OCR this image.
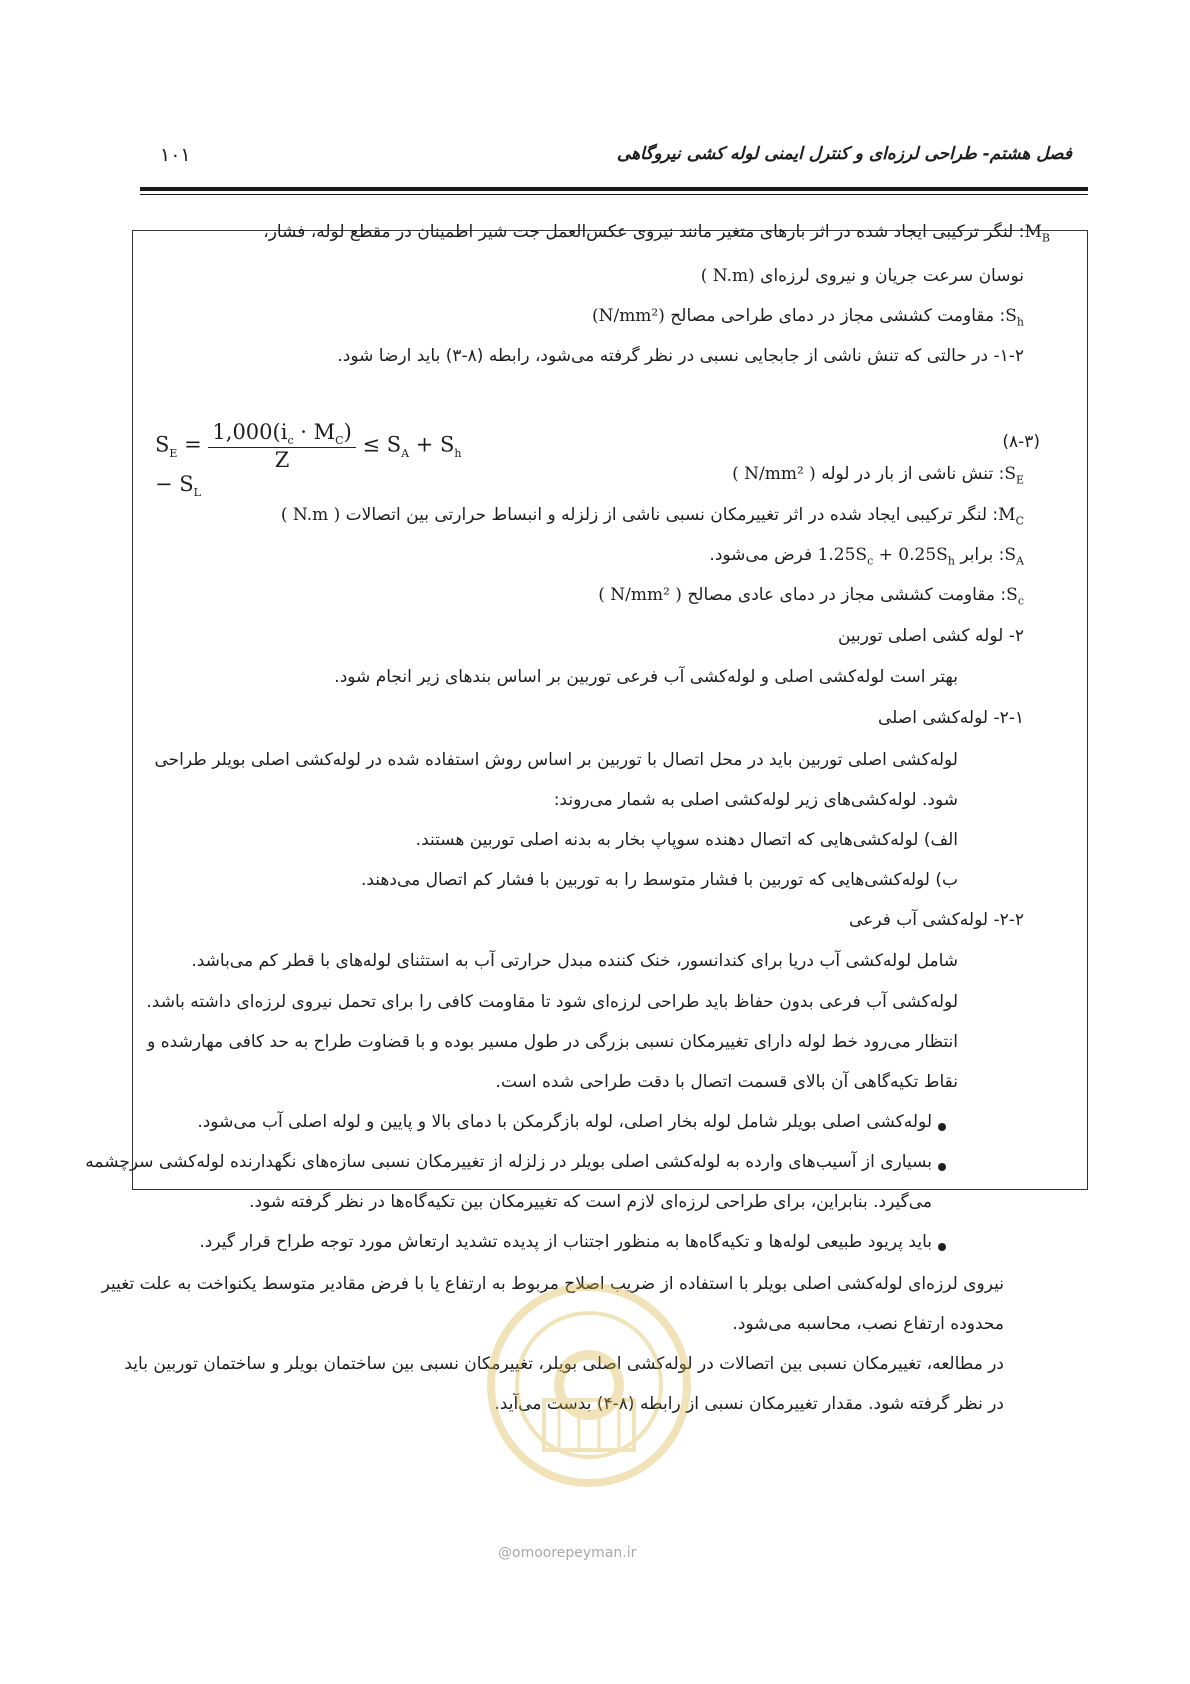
۱۰۱	فصل هشتم- طراحی لرزه‌ای و کنترل ایمنی لوله کشی نیروگاهی
$M_B$: لنگر ترکیبی ایجاد شده در اثر بارهای متغیر مانند نیروی عکس‌العمل جت شیر اطمینان در مقطع لوله، فشار،
نوسان سرعت جریان و نیروی لرزه‌ای ( N.m)
$S_h$: مقاومت کششی مجاز در دمای طراحی مصالح (N/mm²)
۱-۲- در حالتی که تنش ناشی از جابجایی نسبی در نظر گرفته می‌شود، رابطه (۸-۳) باید ارضا شود.
$S_E = \frac{1,000(i_c \cdot M_C)}{Z} \le S_A + S_h - S_L$
(۸-۳)
$S_E$: تنش ناشی از بار در لوله ( N/mm² )
$M_C$: لنگر ترکیبی ایجاد شده در اثر تغییرمکان نسبی ناشی از زلزله و انبساط حرارتی بین اتصالات ( N.m )
$S_A$: برابر $1.25S_c + 0.25S_h$ فرض می‌شود.
$S_c$: مقاومت کششی مجاز در دمای عادی مصالح ( N/mm² )
۲- لوله کشی اصلی توربین
بهتر است لوله‌کشی اصلی و لوله‌کشی آب فرعی توربین بر اساس بندهای زیر انجام شود.
۲-۱- لوله‌کشی اصلی
لوله‌کشی اصلی توربین باید در محل اتصال با توربین بر اساس روش استفاده شده در لوله‌کشی اصلی بویلر طراحی
شود. لوله‌کشی‌های زیر لوله‌کشی اصلی به شمار می‌روند:
الف) لوله‌کشی‌هایی که اتصال دهنده سوپاپ بخار به بدنه اصلی توربین هستند.
ب) لوله‌کشی‌هایی که توربین با فشار متوسط را به توربین با فشار کم اتصال می‌دهند.
۲-۲- لوله‌کشی آب فرعی
شامل لوله‌کشی آب دریا برای کندانسور، خنک کننده مبدل حرارتی آب به استثنای لوله‌های با قطر کم می‌باشد.
لوله‌کشی آب فرعی بدون حفاظ باید طراحی لرزه‌ای شود تا مقاومت کافی را برای تحمل نیروی لرزه‌ای داشته باشد.
انتظار می‌رود خط لوله دارای تغییرمکان نسبی بزرگی در طول مسیر بوده و با قضاوت طراح به حد کافی مهارشده و
نقاط تکیه‌گاهی آن بالای قسمت اتصال با دقت طراحی شده است.
لوله‌کشی اصلی بویلر شامل لوله بخار اصلی، لوله بازگرمکن با دمای بالا و پایین و لوله اصلی آب می‌شود.
بسیاری از آسیب‌های وارده به لوله‌کشی اصلی بویلر در زلزله از تغییرمکان نسبی سازه‌های نگهدارنده لوله‌کشی سرچشمه
می‌گیرد. بنابراین، برای طراحی لرزه‌ای لازم است که تغییرمکان بین تکیه‌گاه‌ها در نظر گرفته شود.
باید پریود طبیعی لوله‌ها و تکیه‌گاه‌ها به منظور اجتناب از پدیده تشدید ارتعاش مورد توجه طراح قرار گیرد.
نیروی لرزه‌ای لوله‌کشی اصلی بویلر با استفاده از ضریب اصلاح مربوط به ارتفاع یا با فرض مقادیر متوسط یکنواخت به علت تغییر
محدوده ارتفاع نصب، محاسبه می‌شود.
در مطالعه، تغییرمکان نسبی بین اتصالات در لوله‌کشی اصلی بویلر، تغییرمکان نسبی بین ساختمان بویلر و ساختمان توربین باید
در نظر گرفته شود. مقدار تغییرمکان نسبی از رابطه (۸-۴) بدست می‌آید.
@omoorepeyman.ir
